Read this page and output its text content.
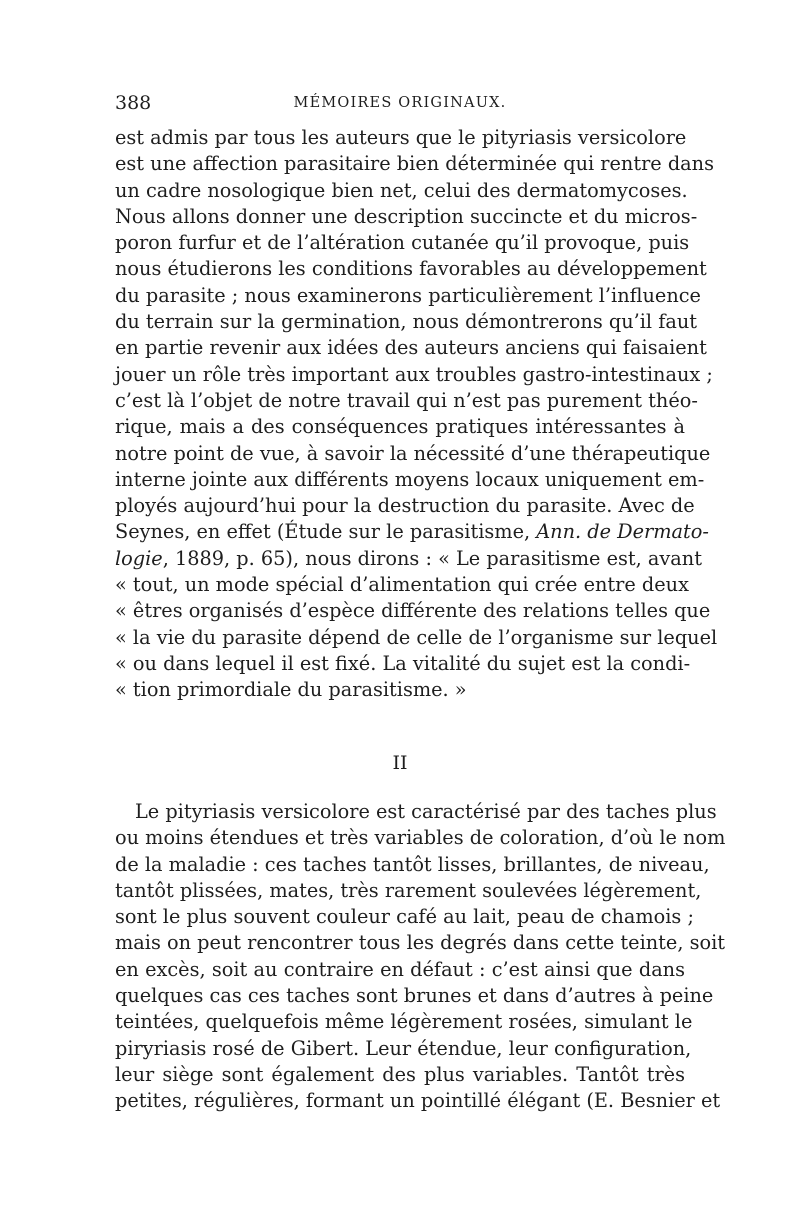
388	MÉMOIRES ORIGINAUX.
est admis par tous les auteurs que le pityriasis versicolore
est une affection parasitaire bien déterminée qui rentre dans
un cadre nosologique bien net, celui des dermatomycoses.
Nous allons donner une description succincte et du micros-
poron furfur et de l’altération cutanée qu’il provoque, puis
nous étudierons les conditions favorables au développement
du parasite ; nous examinerons particulièrement l’influence
du terrain sur la germination, nous démontrerons qu’il faut
en partie revenir aux idées des auteurs anciens qui faisaient
jouer un rôle très important aux troubles gastro-intestinaux ;
c’est là l’objet de notre travail qui n’est pas purement théo-
rique, mais a des conséquences pratiques intéressantes à
notre point de vue, à savoir la nécessité d’une thérapeutique
interne jointe aux différents moyens locaux uniquement em-
ployés aujourd’hui pour la destruction du parasite. Avec de
Seynes, en effet (Étude sur le parasitisme, Ann. de Dermato-
logie, 1889, p. 65), nous dirons : « Le parasitisme est, avant
« tout, un mode spécial d’alimentation qui crée entre deux
« êtres organisés d’espèce différente des relations telles que
« la vie du parasite dépend de celle de l’organisme sur lequel
« ou dans lequel il est fixé. La vitalité du sujet est la condi-
« tion primordiale du parasitisme. »
II
Le pityriasis versicolore est caractérisé par des taches plus
ou moins étendues et très variables de coloration, d’où le nom
de la maladie : ces taches tantôt lisses, brillantes, de niveau,
tantôt plissées, mates, très rarement soulevées légèrement,
sont le plus souvent couleur café au lait, peau de chamois ;
mais on peut rencontrer tous les degrés dans cette teinte, soit
en excès, soit au contraire en défaut : c’est ainsi que dans
quelques cas ces taches sont brunes et dans d’autres à peine
teintées, quelquefois même légèrement rosées, simulant le
piryriasis rosé de Gibert. Leur étendue, leur configuration,
leur siège sont également des plus variables. Tantôt très
petites, régulières, formant un pointillé élégant (E. Besnier et
